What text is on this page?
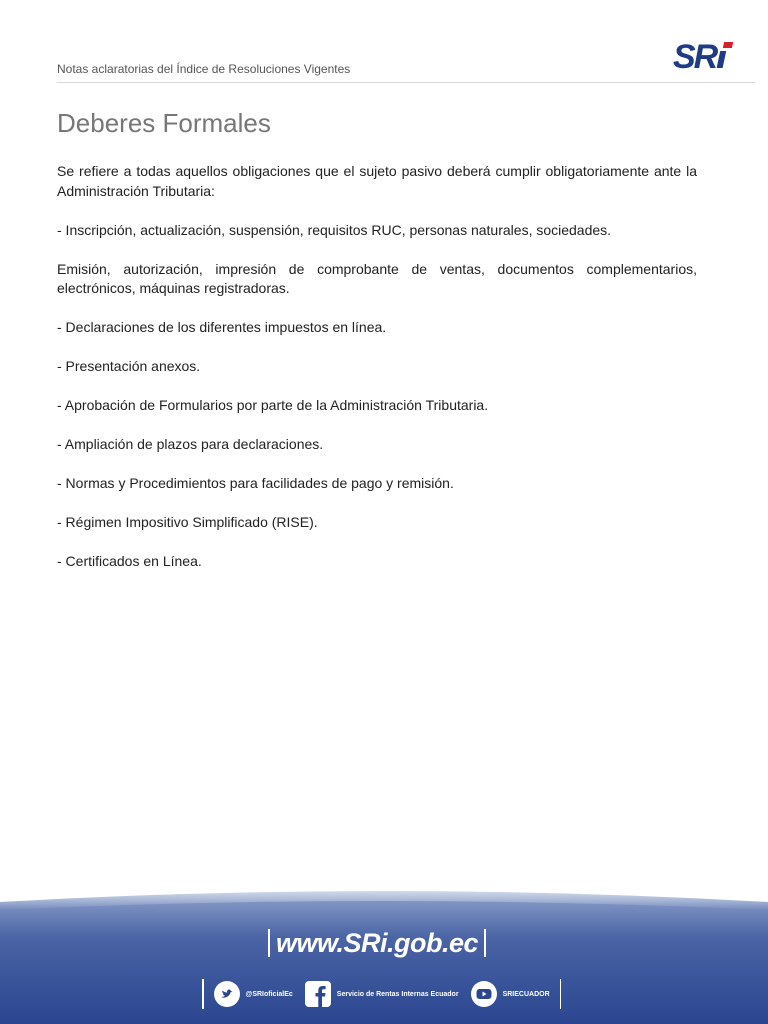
Notas aclaratorias del Índice de Resoluciones Vigentes	SR
Deberes Formales

Se refiere a todas aquellos obligaciones que el sujeto pasivo deberá cumplir obligatoriamente ante la Administración Tributaria:

- Inscripción, actualización, suspensión, requisitos RUC, personas naturales, sociedades.

Emisión, autorización, impresión de comprobante de ventas, documentos complementarios, electrónicos, máquinas registradoras.

- Declaraciones de los diferentes impuestos en línea.

- Presentación anexos.

- Aprobación de Formularios por parte de la Administración Tributaria.

- Ampliación de plazos para declaraciones.

- Normas y Procedimientos para facilidades de pago y remisión.

- Régimen Impositivo Simplificado (RISE).

- Certificados en Línea.

www.SRi.gob.ec
@SRIoficialEc	Servicio de Rentas Internas Ecuador	SRIECUADOR
